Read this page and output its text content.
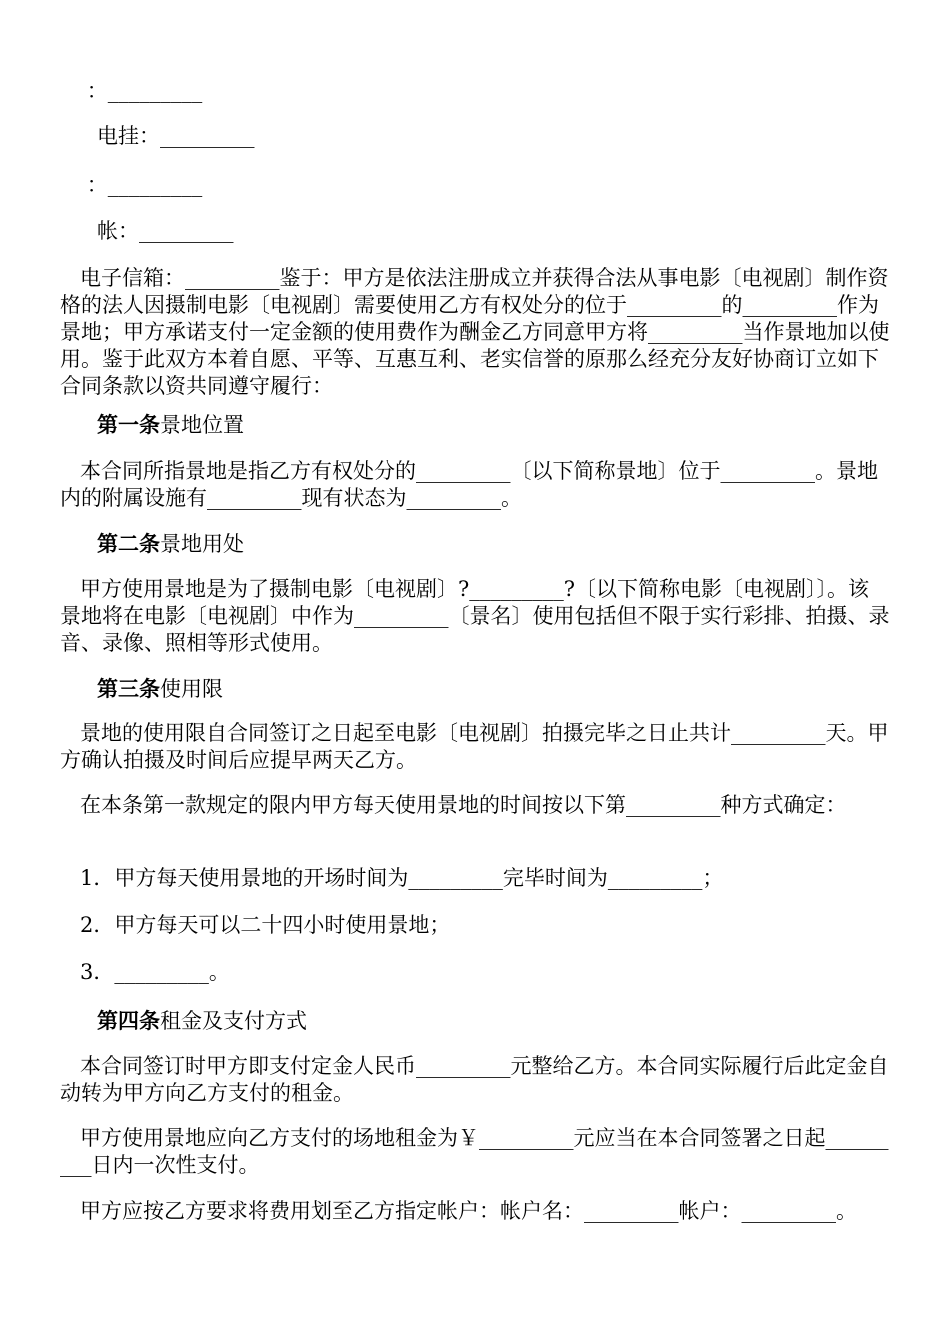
：_________

电挂：_________

：_________

帐：_________

电子信箱：_________鉴于：甲方是依法注册成立并获得合法从事电影〔电视剧〕制作资格的法人因摄制电影〔电视剧〕需要使用乙方有权处分的位于_________的_________作为景地；甲方承诺支付一定金额的使用费作为酬金乙方同意甲方将_________当作景地加以使用。鉴于此双方本着自愿、平等、互惠互利、老实信誉的原那么经充分友好协商订立如下合同条款以资共同遵守履行：

第一条景地位置

本合同所指景地是指乙方有权处分的_________〔以下简称景地〕位于_________。景地内的附属设施有_________现有状态为_________。

第二条景地用处

甲方使用景地是为了摄制电影〔电视剧〕?_________?〔以下简称电影〔电视剧〕〕。该景地将在电影〔电视剧〕中作为_________〔景名〕使用包括但不限于实行彩排、拍摄、录音、录像、照相等形式使用。

第三条使用限

景地的使用限自合同签订之日起至电影〔电视剧〕拍摄完毕之日止共计_________天。甲方确认拍摄及时间后应提早两天乙方。

在本条第一款规定的限内甲方每天使用景地的时间按以下第_________种方式确定：

1．甲方每天使用景地的开场时间为_________完毕时间为_________；

2．甲方每天可以二十四小时使用景地；

3．_________。

第四条租金及支付方式

本合同签订时甲方即支付定金人民币_________元整给乙方。本合同实际履行后此定金自动转为甲方向乙方支付的租金。

甲方使用景地应向乙方支付的场地租金为￥_________元应当在本合同签署之日起_________日内一次性支付。

甲方应按乙方要求将费用划至乙方指定帐户：帐户名：_________帐户：_________。
